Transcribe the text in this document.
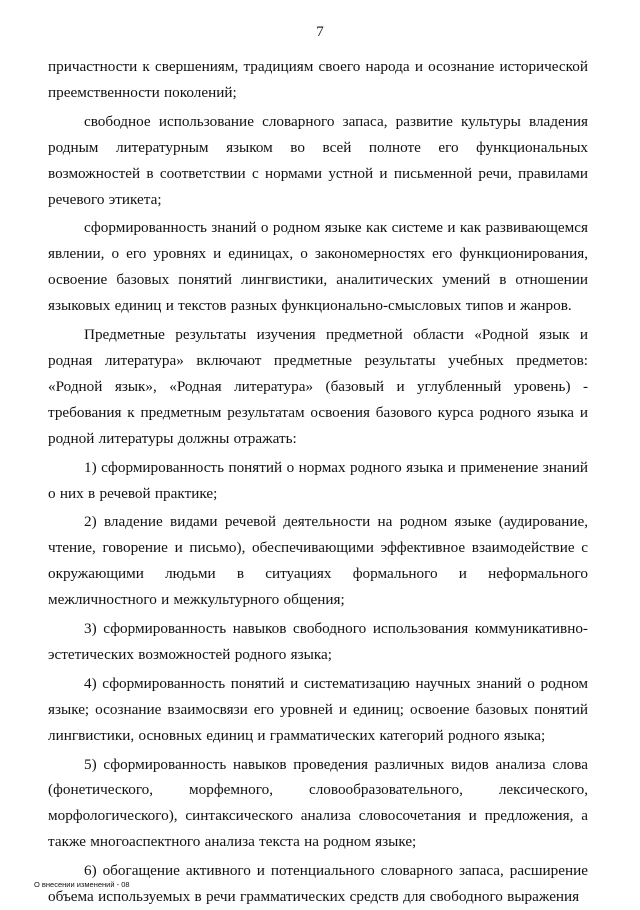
7

причастности к свершениям, традициям своего народа и осознание исторической преемственности поколений;

свободное использование словарного запаса, развитие культуры владения родным литературным языком во всей полноте его функциональных возможностей в соответствии с нормами устной и письменной речи, правилами речевого этикета;

сформированность знаний о родном языке как системе и как развивающемся явлении, о его уровнях и единицах, о закономерностях его функционирования, освоение базовых понятий лингвистики, аналитических умений в отношении языковых единиц и текстов разных функционально-смысловых типов и жанров.

Предметные результаты изучения предметной области «Родной язык и родная литература» включают предметные результаты учебных предметов: «Родной язык», «Родная литература» (базовый и углубленный уровень) - требования к предметным результатам освоения базового курса родного языка и родной литературы должны отражать:

1) сформированность понятий о нормах родного языка и применение знаний о них в речевой практике;

2) владение видами речевой деятельности на родном языке (аудирование, чтение, говорение и письмо), обеспечивающими эффективное взаимодействие с окружающими людьми в ситуациях формального и неформального межличностного и межкультурного общения;

3) сформированность навыков свободного использования коммуникативно-эстетических возможностей родного языка;

4) сформированность понятий и систематизацию научных знаний о родном языке; осознание взаимосвязи его уровней и единиц; освоение базовых понятий лингвистики, основных единиц и грамматических категорий родного языка;

5) сформированность навыков проведения различных видов анализа слова (фонетического, морфемного, словообразовательного, лексического, морфологического), синтаксического анализа словосочетания и предложения, а также многоаспектного анализа текста на родном языке;

6) обогащение активного и потенциального словарного запаса, расширение объема используемых в речи грамматических средств для свободного выражения

О внесении изменений - 08
